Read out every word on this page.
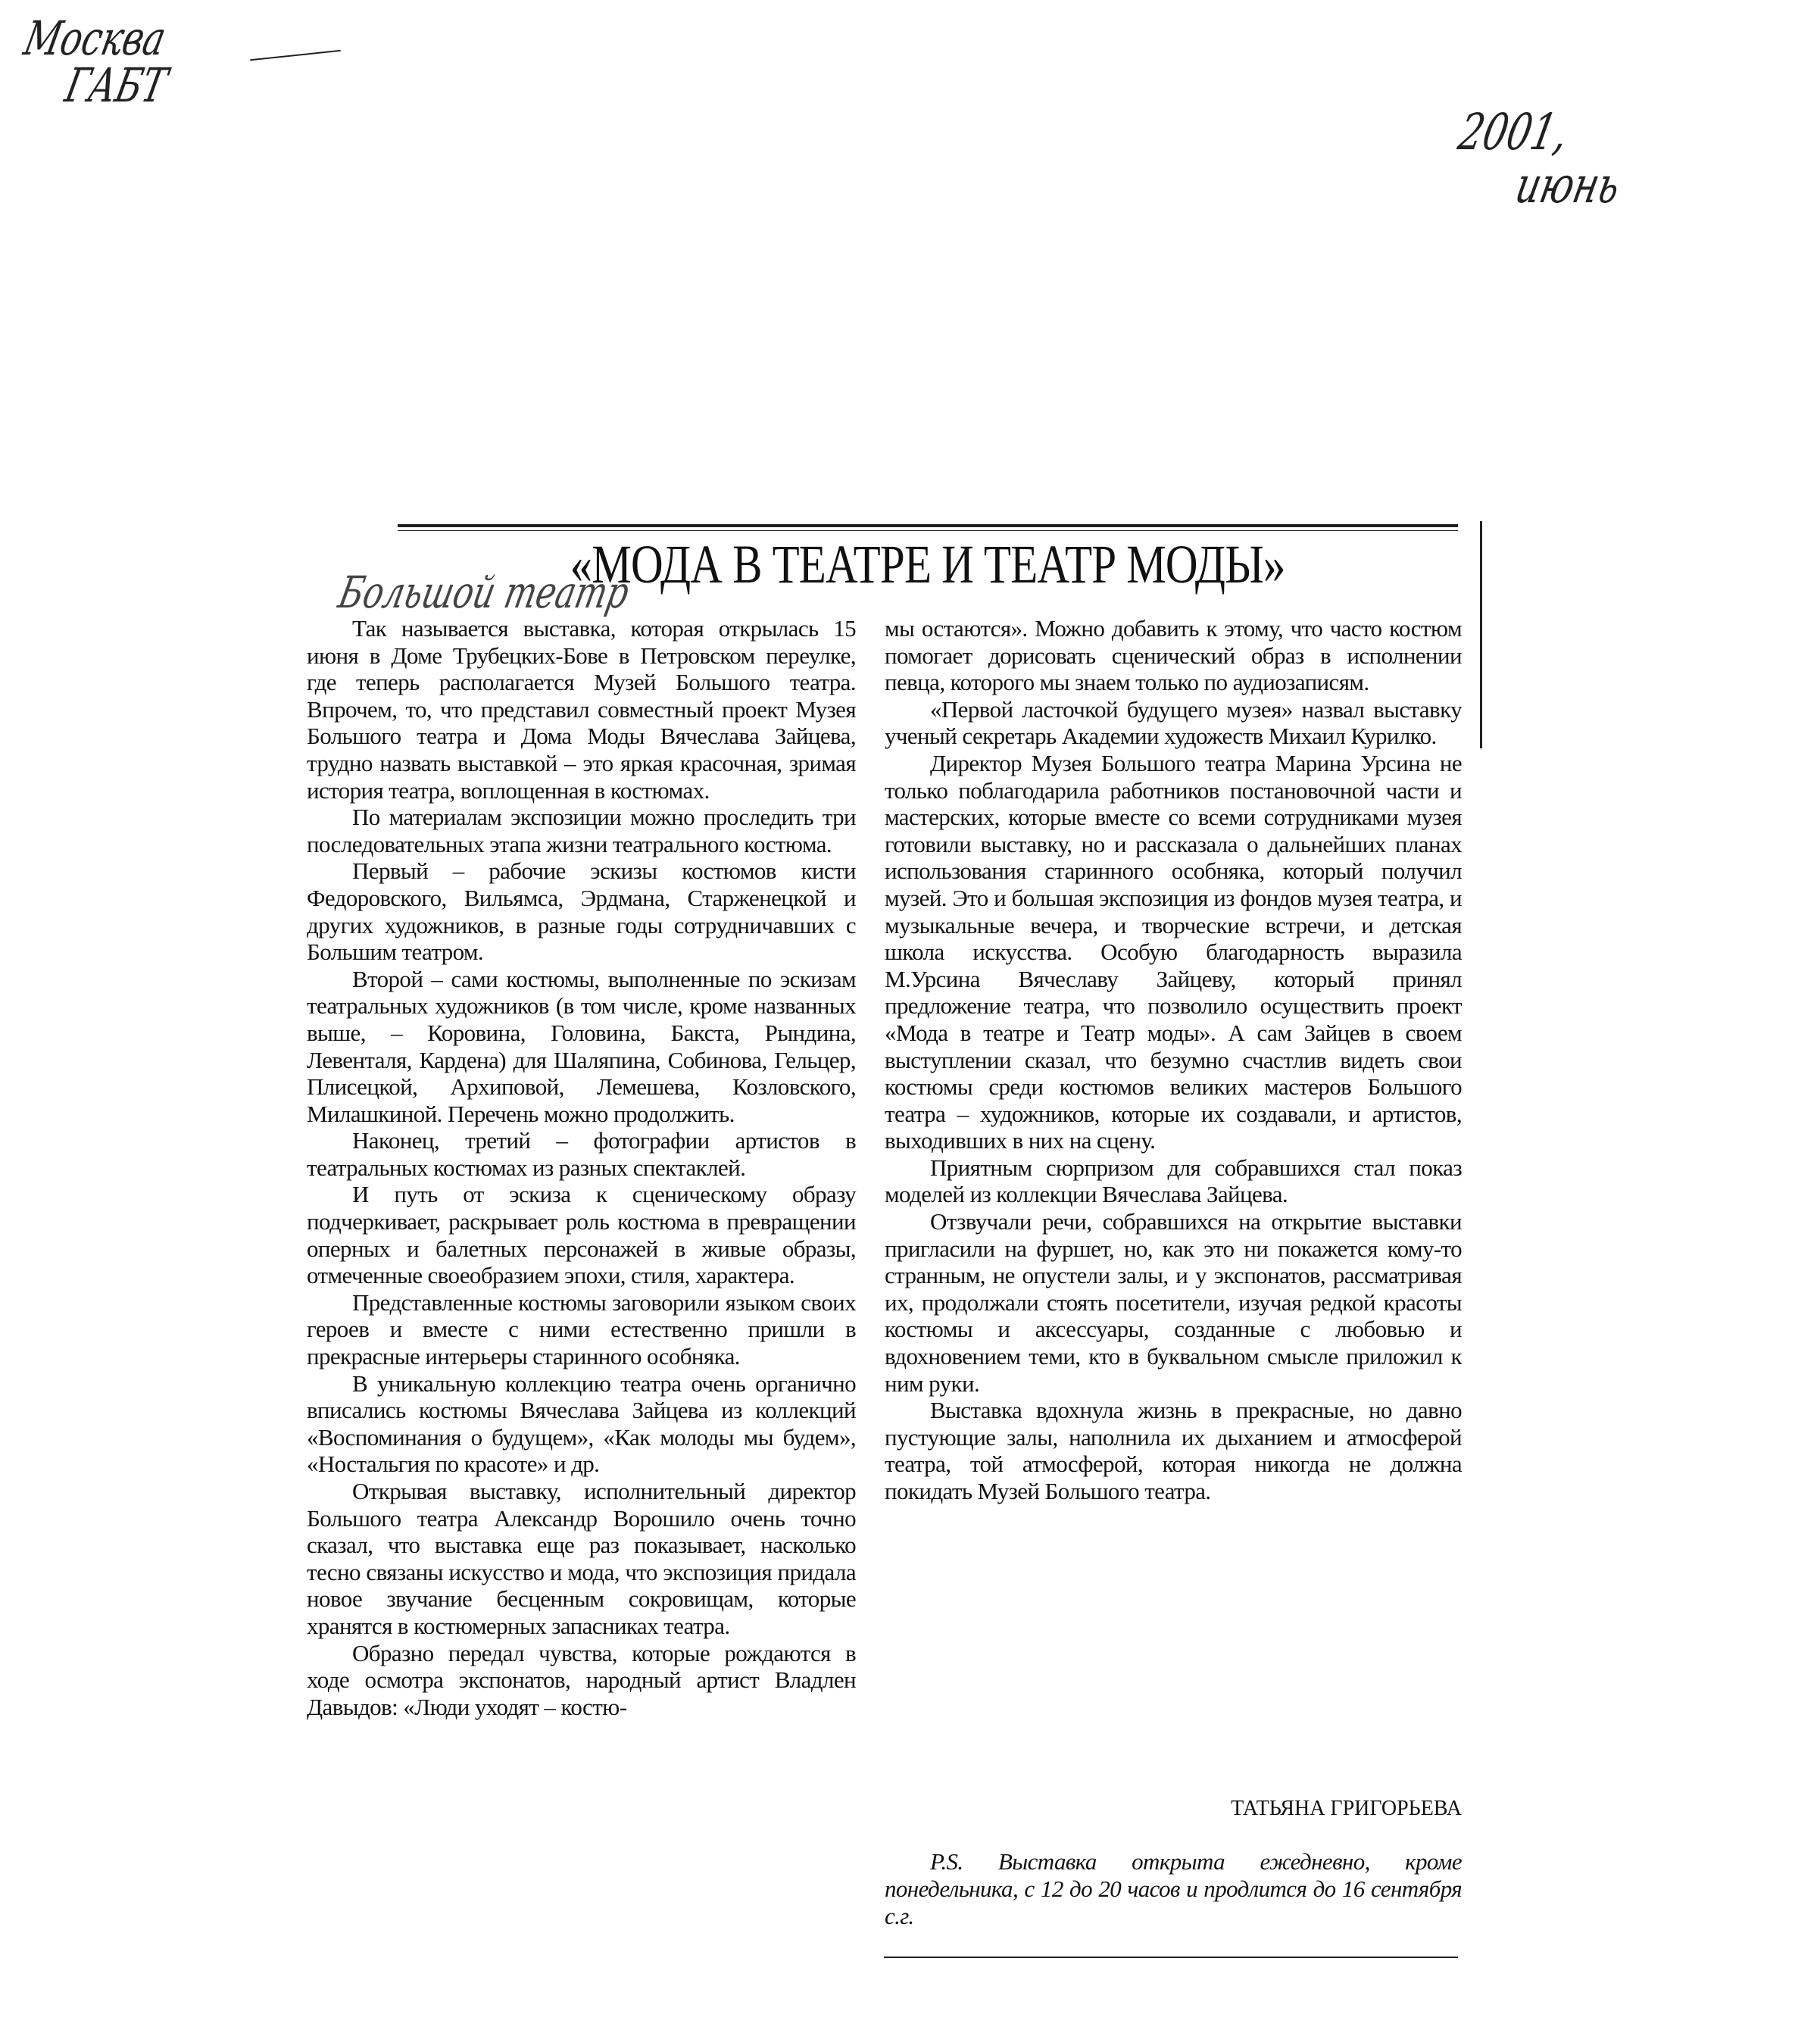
Москва
ГАБТ
2001,
июнь
«МОДА В ТЕАТРЕ И ТЕАТР МОДЫ»
Большой театр

Так называется выставка, которая открылась 15 июня в Доме Трубецких-Бове в Петровском переулке, где теперь располагается Музей Большого театра. Впрочем, то, что представил совместный проект Музея Большого театра и Дома Моды Вячеслава Зайцева, трудно назвать выставкой – это яркая красочная, зримая история театра, воплощенная в костюмах.

По материалам экспозиции можно проследить три последовательных этапа жизни театрального костюма.

Первый – рабочие эскизы костюмов кисти Федоровского, Вильямса, Эрдмана, Старженецкой и других художников, в разные годы сотрудничавших с Большим театром.

Второй – сами костюмы, выполненные по эскизам театральных художников (в том числе, кроме названных выше, – Коровина, Головина, Бакста, Рындина, Левенталя, Кардена) для Шаляпина, Собинова, Гельцер, Плисецкой, Архиповой, Лемешева, Козловского, Милашкиной. Перечень можно продолжить.

Наконец, третий – фотографии артистов в театральных костюмах из разных спектаклей.

И путь от эскиза к сценическому образу подчеркивает, раскрывает роль костюма в превращении оперных и балетных персонажей в живые образы, отмеченные своеобразием эпохи, стиля, характера.

Представленные костюмы заговорили языком своих героев и вместе с ними естественно пришли в прекрасные интерьеры старинного особняка.

В уникальную коллекцию театра очень органично вписались костюмы Вячеслава Зайцева из коллекций «Воспоминания о будущем», «Как молоды мы будем», «Ностальгия по красоте» и др.

Открывая выставку, исполнительный директор Большого театра Александр Ворошило очень точно сказал, что выставка еще раз показывает, насколько тесно связаны искусство и мода, что экспозиция придала новое звучание бесценным сокровищам, которые хранятся в костюмерных запасниках театра.

Образно передал чувства, которые рождаются в ходе осмотра экспонатов, народный артист Владлен Давыдов: «Люди уходят – костю-

мы остаются». Можно добавить к этому, что часто костюм помогает дорисовать сценический образ в исполнении певца, которого мы знаем только по аудиозаписям.

«Первой ласточкой будущего музея» назвал выставку ученый секретарь Академии художеств Михаил Курилко.

Директор Музея Большого театра Марина Урсина не только поблагодарила работников постановочной части и мастерских, которые вместе со всеми сотрудниками музея готовили выставку, но и рассказала о дальнейших планах использования старинного особняка, который получил музей. Это и большая экспозиция из фондов музея театра, и музыкальные вечера, и творческие встречи, и детская школа искусства. Особую благодарность выразила М.Урсина Вячеславу Зайцеву, который принял предложение театра, что позволило осуществить проект «Мода в театре и Театр моды». А сам Зайцев в своем выступлении сказал, что безумно счастлив видеть свои костюмы среди костюмов великих мастеров Большого театра – художников, которые их создавали, и артистов, выходивших в них на сцену.

Приятным сюрпризом для собравшихся стал показ моделей из коллекции Вячеслава Зайцева.

Отзвучали речи, собравшихся на открытие выставки пригласили на фуршет, но, как это ни покажется кому-то странным, не опустели залы, и у экспонатов, рассматривая их, продолжали стоять посетители, изучая редкой красоты костюмы и аксессуары, созданные с любовью и вдохновением теми, кто в буквальном смысле приложил к ним руки.

Выставка вдохнула жизнь в прекрасные, но давно пустующие залы, наполнила их дыханием и атмосферой театра, той атмосферой, которая никогда не должна покидать Музей Большого театра.

ТАТЬЯНА ГРИГОРЬЕВА
P.S. Выставка открыта ежедневно, кроме понедельника, с 12 до 20 часов и продлится до 16 сентября с.г.
